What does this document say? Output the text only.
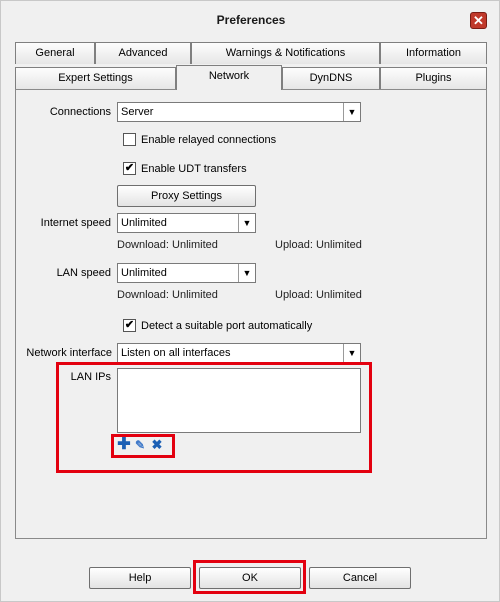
Preferences	✕
General	Advanced	Warnings & Notifications	Information
Expert Settings	Network	DynDNS	Plugins
Connections Server	▼
Enable relayed connections
✔ Enable UDT transfers
Proxy Settings
Internet speed Unlimited	▼
Download: Unlimited	Upload: Unlimited
LAN speed Unlimited	▼
Download: Unlimited	Upload: Unlimited
✔ Detect a suitable port automatically
Network interface Listen on all interfaces	▼
LAN IPs
✚ ✎ ✖
Help	OK	Cancel
